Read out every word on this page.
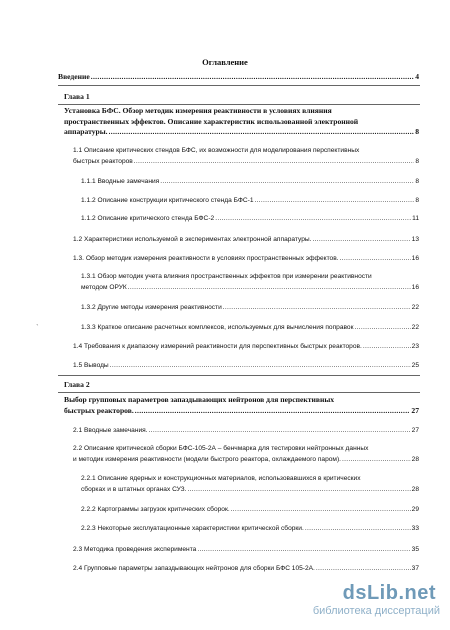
Оглавление
Введение .....	4
Глава 1
Установка БФС. Обзор методик измерения реактивности в условиях влияния
пространственных эффектов. Описание характеристик использованной электронной
аппаратуры. .....	8
1.1 Описание критических стендов БФС, их возможности для моделирования перспективных
быстрых реакторов .....	8
1.1.1 Вводные замечания .....	8
1.1.2 Описание конструкции критического стенда БФС-1 .....	8
1.1.2 Описание критического стенда БФС-2 .....	11
1.2 Характеристики используемой в экспериментах электронной аппаратуры. .....	13
1.3. Обзор методик измерения реактивности в условиях пространственных эффектов. .....	16
1.3.1 Обзор методик учета влияния пространственных эффектов при измерении реактивности
методом ОРУК .....	16
1.3.2 Другие методы измерения реактивности .....	22
1.3.3 Краткое описание расчетных комплексов, используемых для вычисления поправок .....	22
1.4 Требования к диапазону измерений реактивности для перспективных быстрых реакторов. .....	23
1.5 Выводы .....	25
Глава 2
Выбор групповых параметров запаздывающих нейтронов для перспективных
быстрых реакторов. .....	27
2.1 Вводные замечания. .....	27
2.2 Описание критической сборки БФС-105-2А – бенчмарка для тестировки нейтронных данных
и методик измерения реактивности (модели быстрого реактора, охлаждаемого паром). .....	28
2.2.1 Описание ядерных и конструкционных материалов, использовавшихся в критических
сборках и в штатных органах СУЗ. .....	28
2.2.2 Картограммы загрузок критических сборок. .....	29
2.2.3 Некоторые эксплуатационные характеристики критической сборки. .....	33
2.3 Методика проведения эксперимента .....	35
2.4 Групповые параметры запаздывающих нейтронов для сборки БФС 105-2А. .....	37
`
dsLib.net
библиотека диссертаций
